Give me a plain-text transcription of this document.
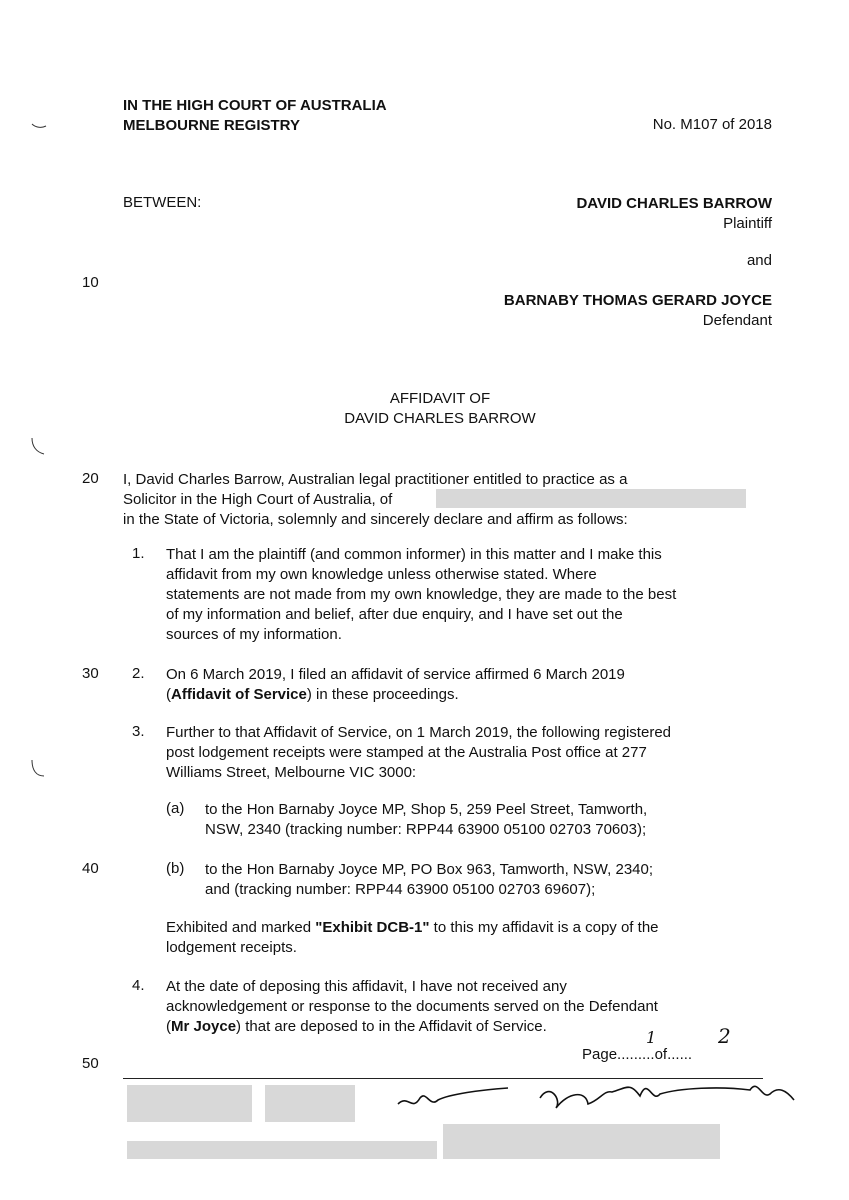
IN THE HIGH COURT OF AUSTRALIA
MELBOURNE REGISTRY	No. M107 of 2018
BETWEEN:	DAVID CHARLES BARROW
Plaintiff
and
BARNABY THOMAS GERARD JOYCE
Defendant
10
20
30
40
50
AFFIDAVIT OF
DAVID CHARLES BARROW
I, David Charles Barrow, Australian legal practitioner entitled to practice as a
Solicitor in the High Court of Australia, of
in the State of Victoria, solemnly and sincerely declare and affirm as follows:
1. That I am the plaintiff (and common informer) in this matter and I make this
affidavit from my own knowledge unless otherwise stated. Where
statements are not made from my own knowledge, they are made to the best
of my information and belief, after due enquiry, and I have set out the
sources of my information.
2. On 6 March 2019, I filed an affidavit of service affirmed 6 March 2019
(Affidavit of Service) in these proceedings.
3. Further to that Affidavit of Service, on 1 March 2019, the following registered
post lodgement receipts were stamped at the Australia Post office at 277
Williams Street, Melbourne VIC 3000:
(a) to the Hon Barnaby Joyce MP, Shop 5, 259 Peel Street, Tamworth,
NSW, 2340 (tracking number: RPP44 63900 05100 02703 70603);
(b) to the Hon Barnaby Joyce MP, PO Box 963, Tamworth, NSW, 2340;
and (tracking number: RPP44 63900 05100 02703 69607);
Exhibited and marked "Exhibit DCB-1" to this my affidavit is a copy of the
lodgement receipts.
4. At the date of deposing this affidavit, I have not received any
acknowledgement or response to the documents served on the Defendant
(Mr Joyce) that are deposed to in the Affidavit of Service.
Page.........of......
1	2
